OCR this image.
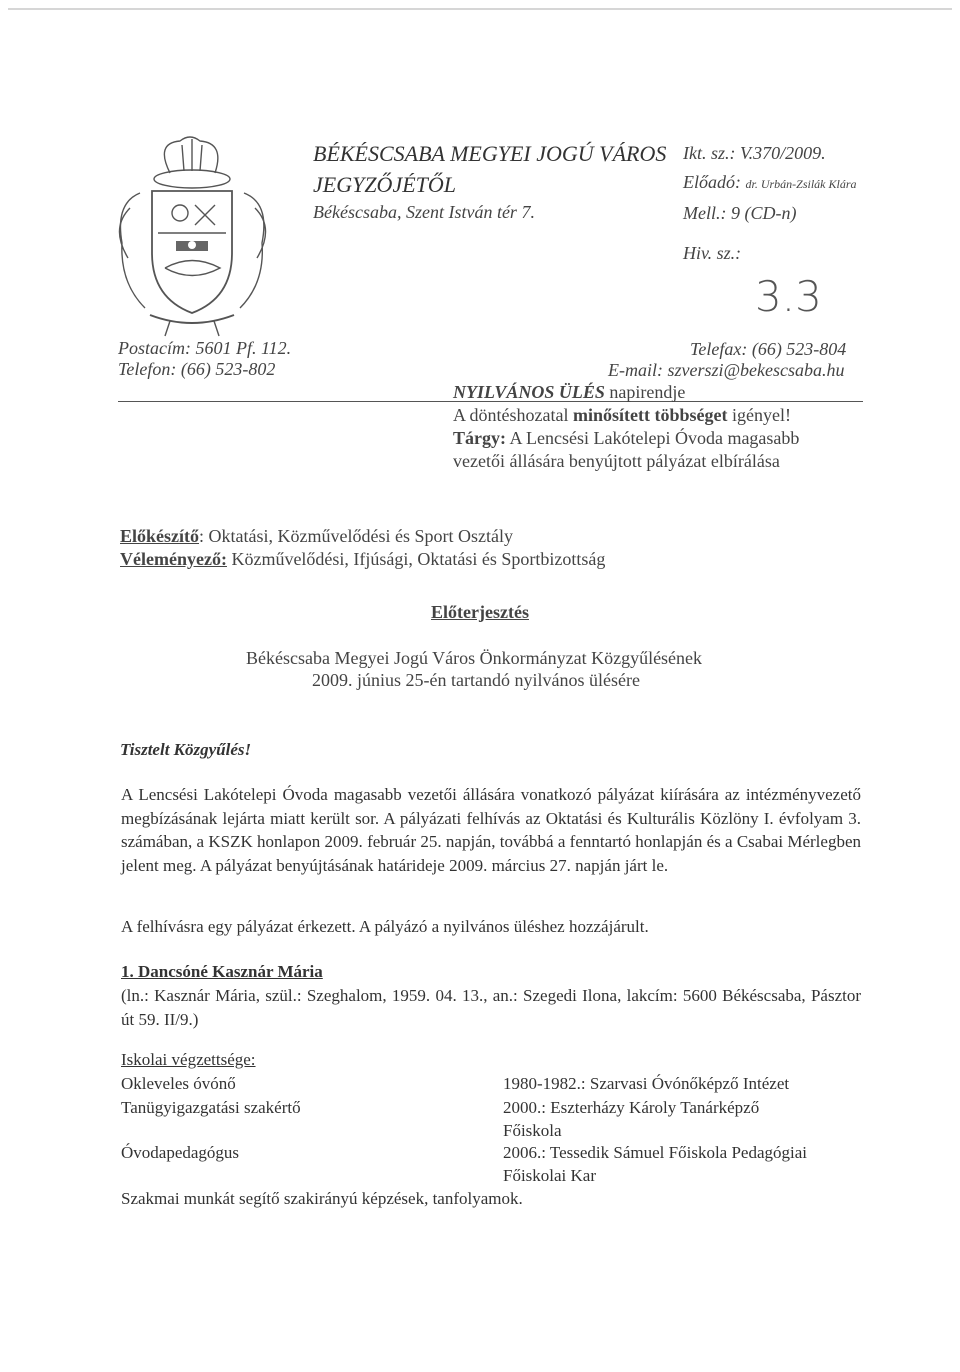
BÉKÉSCSABA MEGYEI JOGÚ VÁROS
JEGYZŐJÉTŐL
Békéscsaba, Szent István tér 7.
Ikt. sz.: V.370/2009.
Előadó: dr. Urbán-Zsilák Klára
Mell.: 9 (CD-n)
Hiv. sz.:
3.3
Postacím: 5601 Pf. 112.
Telefon: (66) 523-802
Telefax: (66) 523-804
E-mail: szverszi@bekescsaba.hu
NYILVÁNOS ÜLÉS napirendje
A döntéshozatal minősített többséget igényel!
Tárgy: A Lencsési Lakótelepi Óvoda magasabb
vezetői állására benyújtott pályázat elbírálása
Előkészítő: Oktatási, Közművelődési és Sport Osztály
Véleményező: Közművelődési, Ifjúsági, Oktatási és Sportbizottság
Előterjesztés
Békéscsaba Megyei Jogú Város Önkormányzat Közgyűlésének
2009. június 25-én tartandó nyilvános ülésére
Tisztelt Közgyűlés!
A Lencsési Lakótelepi Óvoda magasabb vezetői állására vonatkozó pályázat kiírására az intézményvezető megbízásának lejárta miatt került sor. A pályázati felhívás az Oktatási és Kulturális Közlöny I. évfolyam 3. számában, a KSZK honlapon 2009. február 25. napján, továbbá a fenntartó honlapján és a Csabai Mérlegben jelent meg. A pályázat benyújtásának határideje 2009. március 27. napján járt le.
A felhívásra egy pályázat érkezett. A pályázó a nyilvános üléshez hozzájárult.
1. Dancsóné Kasznár Mária
(ln.: Kasznár Mária, szül.: Szeghalom, 1959. 04. 13., an.: Szegedi Ilona, lakcím: 5600 Békéscsaba, Pásztor út 59. II/9.)
Iskolai végzettsége:
Okleveles óvónő	1980-1982.: Szarvasi Óvónőképző Intézet
Tanügyigazgatási szakértő	2000.: Eszterházy Károly Tanárképző
Főiskola
Óvodapedagógus	2006.: Tessedik Sámuel Főiskola Pedagógiai
Főiskolai Kar
Szakmai munkát segítő szakirányú képzések, tanfolyamok.
